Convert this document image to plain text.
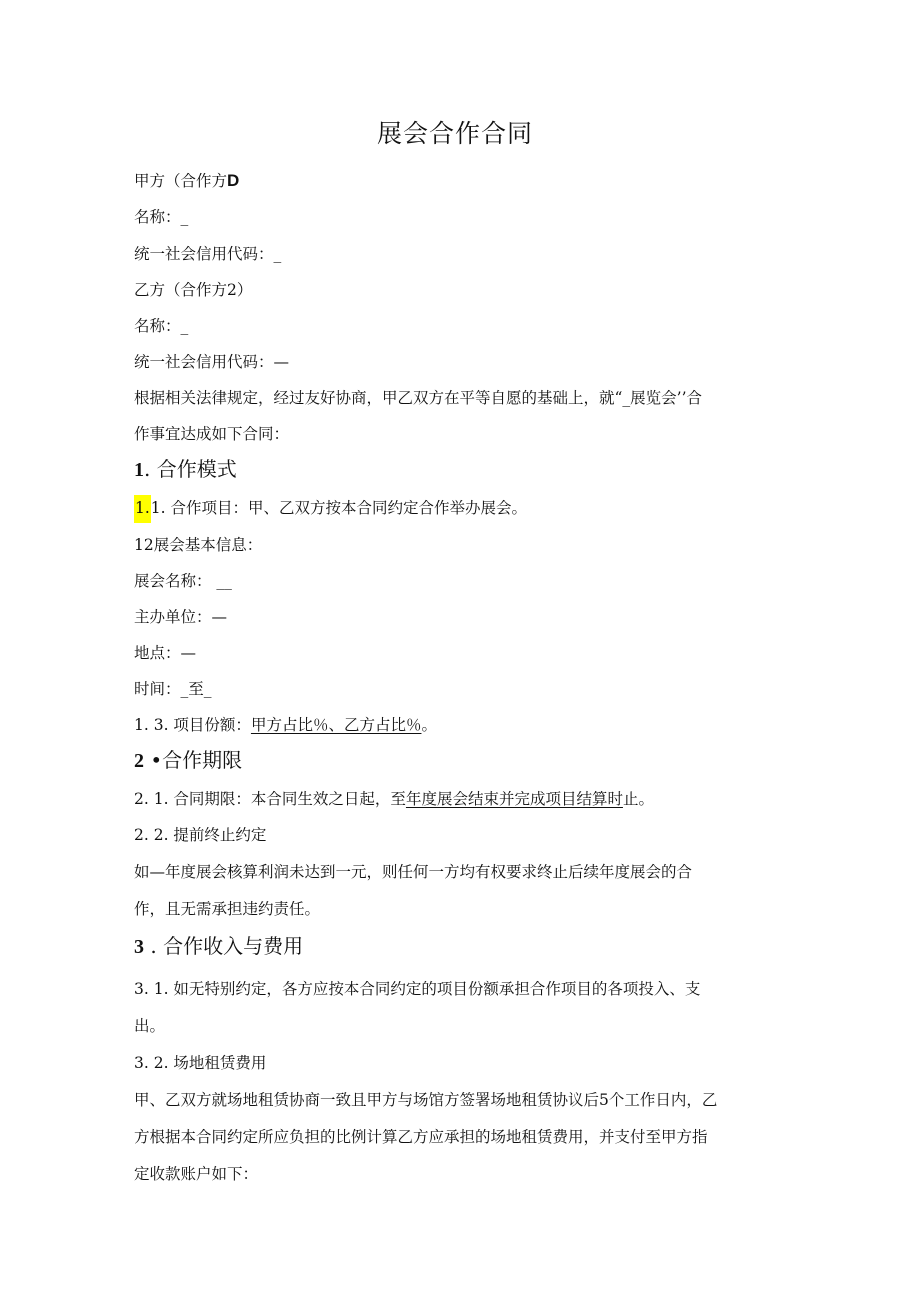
展会合作合同
甲方（合作方D
名称：_
统一社会信用代码：_
乙方（合作方2）
名称：_
统一社会信用代码：—
根据相关法律规定，经过友好协商，甲乙双方在平等自愿的基础上，就“_展览会’’合
作事宜达成如下合同：
1. 合作模式
1.1. 合作项目：甲、乙双方按本合同约定合作举办展会。
12展会基本信息：
展会名称： __
主办单位：—
地点：—
时间：_至_
1. 3. 项目份额：甲方占比％、乙方占比％。
2 •合作期限
2. 1. 合同期限：本合同生效之日起，至年度展会结束并完成项目结算时止。
2. 2. 提前终止约定
如—年度展会核算利润未达到一元，则任何一方均有权要求终止后续年度展会的合
作，且无需承担违约责任。
3 . 合作收入与费用
3. 1. 如无特别约定，各方应按本合同约定的项目份额承担合作项目的各项投入、支
出。
3. 2. 场地租赁费用
甲、乙双方就场地租赁协商一致且甲方与场馆方签署场地租赁协议后5个工作日内，乙
方根据本合同约定所应负担的比例计算乙方应承担的场地租赁费用，并支付至甲方指
定收款账户如下：
